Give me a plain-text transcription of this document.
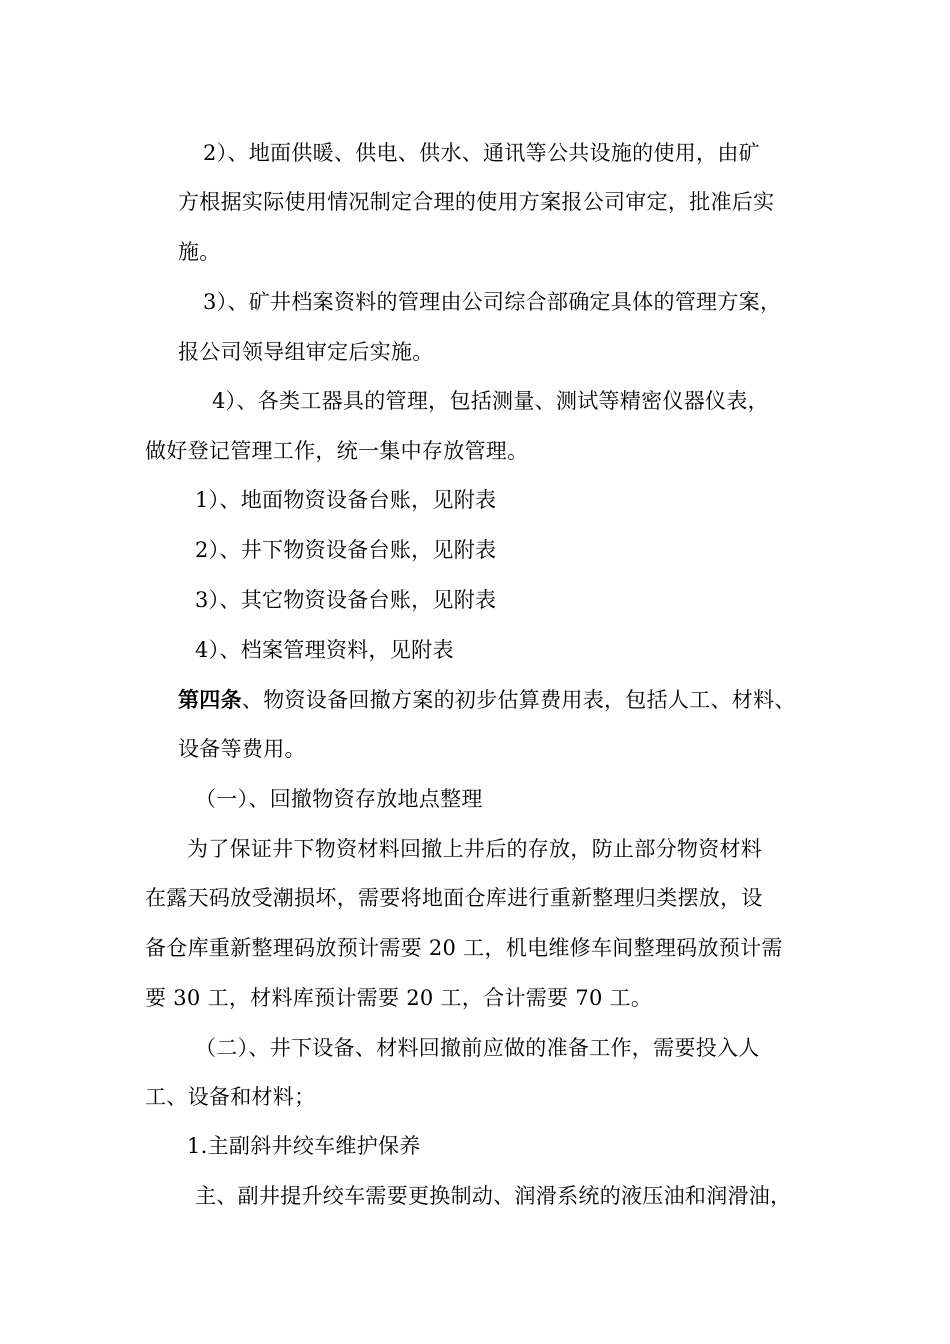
2）、地面供暖、供电、供水、通讯等公共设施的使用，由矿
方根据实际使用情况制定合理的使用方案报公司审定，批准后实
施。
3）、矿井档案资料的管理由公司综合部确定具体的管理方案，
报公司领导组审定后实施。
4）、各类工器具的管理，包括测量、测试等精密仪器仪表，
做好登记管理工作，统一集中存放管理。
1）、地面物资设备台账，见附表
2）、井下物资设备台账，见附表
3）、其它物资设备台账，见附表
4）、档案管理资料，见附表
第四条、物资设备回撤方案的初步估算费用表，包括人工、材料、
设备等费用。
（一）、回撤物资存放地点整理
为了保证井下物资材料回撤上井后的存放，防止部分物资材料
在露天码放受潮损坏，需要将地面仓库进行重新整理归类摆放，设
备仓库重新整理码放预计需要 20 工，机电维修车间整理码放预计需
要 30 工，材料库预计需要 20 工，合计需要 70 工。
（二）、井下设备、材料回撤前应做的准备工作，需要投入人
工、设备和材料；
1.主副斜井绞车维护保养
主、副井提升绞车需要更换制动、润滑系统的液压油和润滑油，
